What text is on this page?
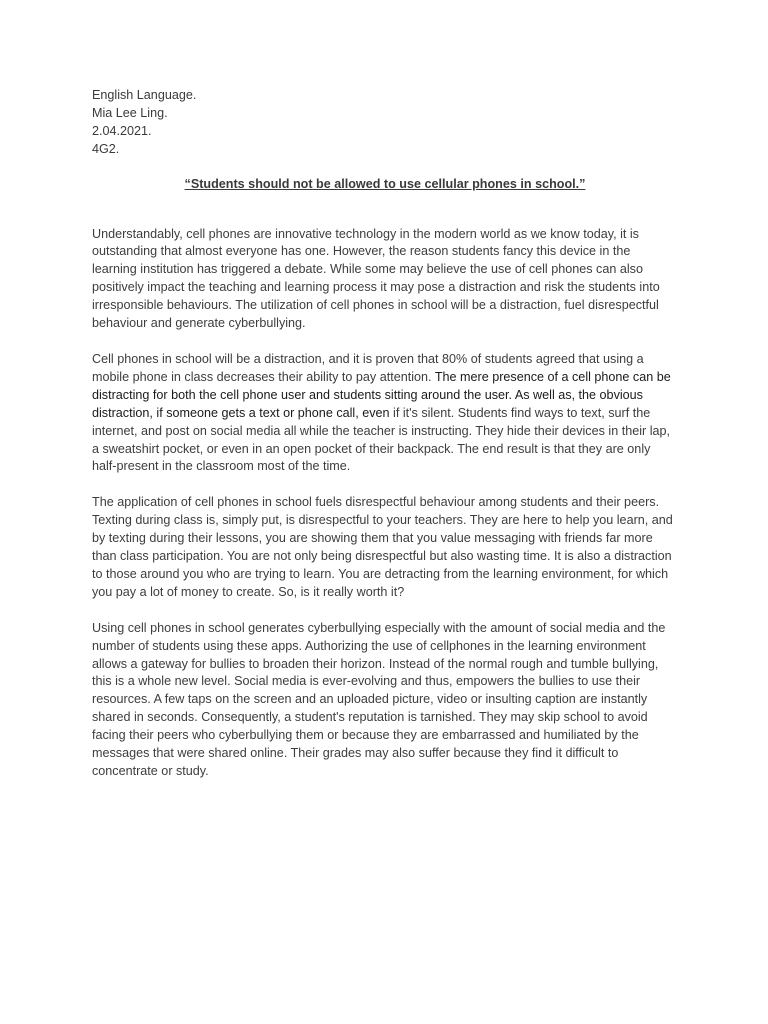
English Language.
Mia Lee Ling.
2.04.2021.
4G2.
“Students should not be allowed to use cellular phones in school.”

Understandably, cell phones are innovative technology in the modern world as we know today, it is outstanding that almost everyone has one. However, the reason students fancy this device in the learning institution has triggered a debate. While some may believe the use of cell phones can also positively impact the teaching and learning process it may pose a distraction and risk the students into irresponsible behaviours. The utilization of cell phones in school will be a distraction, fuel disrespectful behaviour and generate cyberbullying.

Cell phones in school will be a distraction, and it is proven that 80% of students agreed that using a mobile phone in class decreases their ability to pay attention. The mere presence of a cell phone can be distracting for both the cell phone user and students sitting around the user. As well as, the obvious distraction, if someone gets a text or phone call, even if it's silent. Students find ways to text, surf the internet, and post on social media all while the teacher is instructing. They hide their devices in their lap, a sweatshirt pocket, or even in an open pocket of their backpack. The end result is that they are only half-present in the classroom most of the time.

The application of cell phones in school fuels disrespectful behaviour among students and their peers. Texting during class is, simply put, is disrespectful to your teachers. They are here to help you learn, and by texting during their lessons, you are showing them that you value messaging with friends far more than class participation. You are not only being disrespectful but also wasting time. It is also a distraction to those around you who are trying to learn. You are detracting from the learning environment, for which you pay a lot of money to create. So, is it really worth it?

Using cell phones in school generates cyberbullying especially with the amount of social media and the number of students using these apps. Authorizing the use of cellphones in the learning environment allows a gateway for bullies to broaden their horizon. Instead of the normal rough and tumble bullying, this is a whole new level. Social media is ever-evolving and thus, empowers the bullies to use their resources. A few taps on the screen and an uploaded picture, video or insulting caption are instantly shared in seconds. Consequently, a student's reputation is tarnished. They may skip school to avoid facing their peers who cyberbullying them or because they are embarrassed and humiliated by the messages that were shared online. Their grades may also suffer because they find it difficult to concentrate or study.
